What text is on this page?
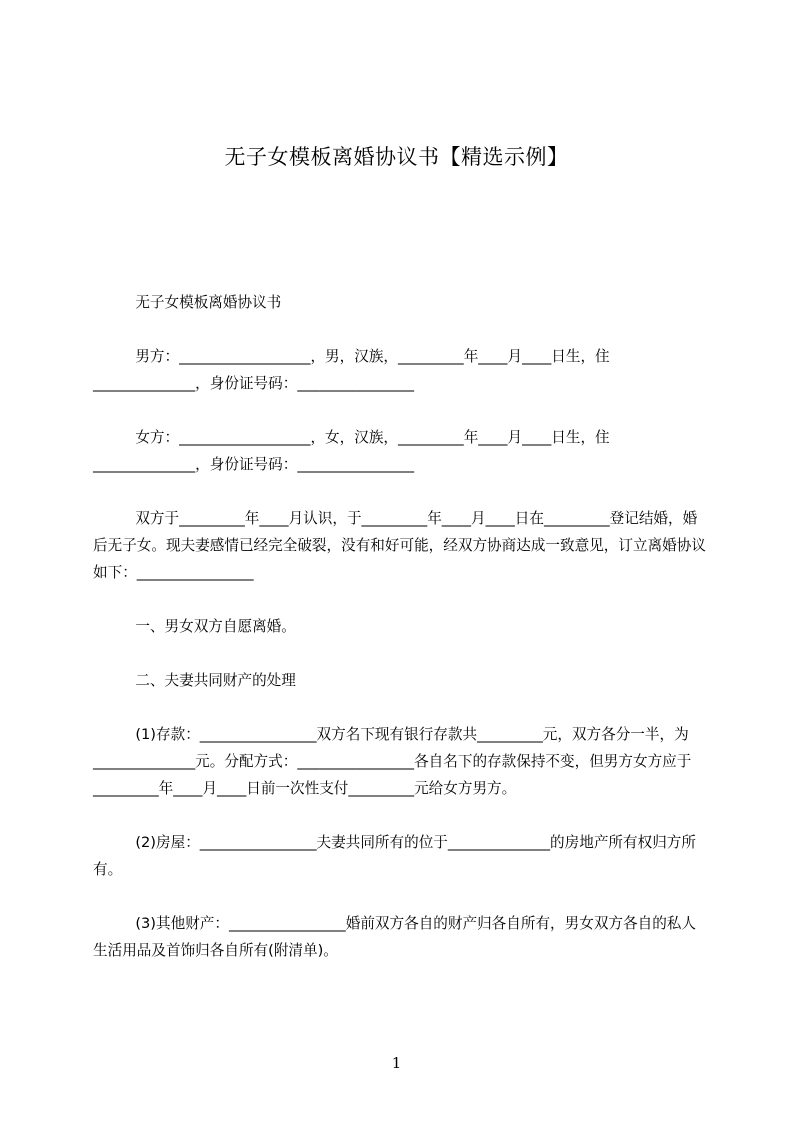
无子女模板离婚协议书【精选示例】

无子女模板离婚协议书

男方：__________________，男，汉族，_________年____月____日生，住______________，身份证号码：________________

女方：__________________，女，汉族，_________年____月____日生，住______________，身份证号码：________________

双方于_________年____月认识，于_________年____月____日在_________登记结婚，婚后无子女。现夫妻感情已经完全破裂，没有和好可能，经双方协商达成一致意见，订立离婚协议如下：________________

一、男女双方自愿离婚。

二、夫妻共同财产的处理

(1)存款：________________双方名下现有银行存款共_________元，双方各分一半，为______________元。分配方式：________________各自名下的存款保持不变，但男方女方应于_________年____月____日前一次性支付_________元给女方男方。

(2)房屋：________________夫妻共同所有的位于______________的房地产所有权归方所有。

(3)其他财产：________________婚前双方各自的财产归各自所有，男女双方各自的私人生活用品及首饰归各自所有(附清单)。

1
